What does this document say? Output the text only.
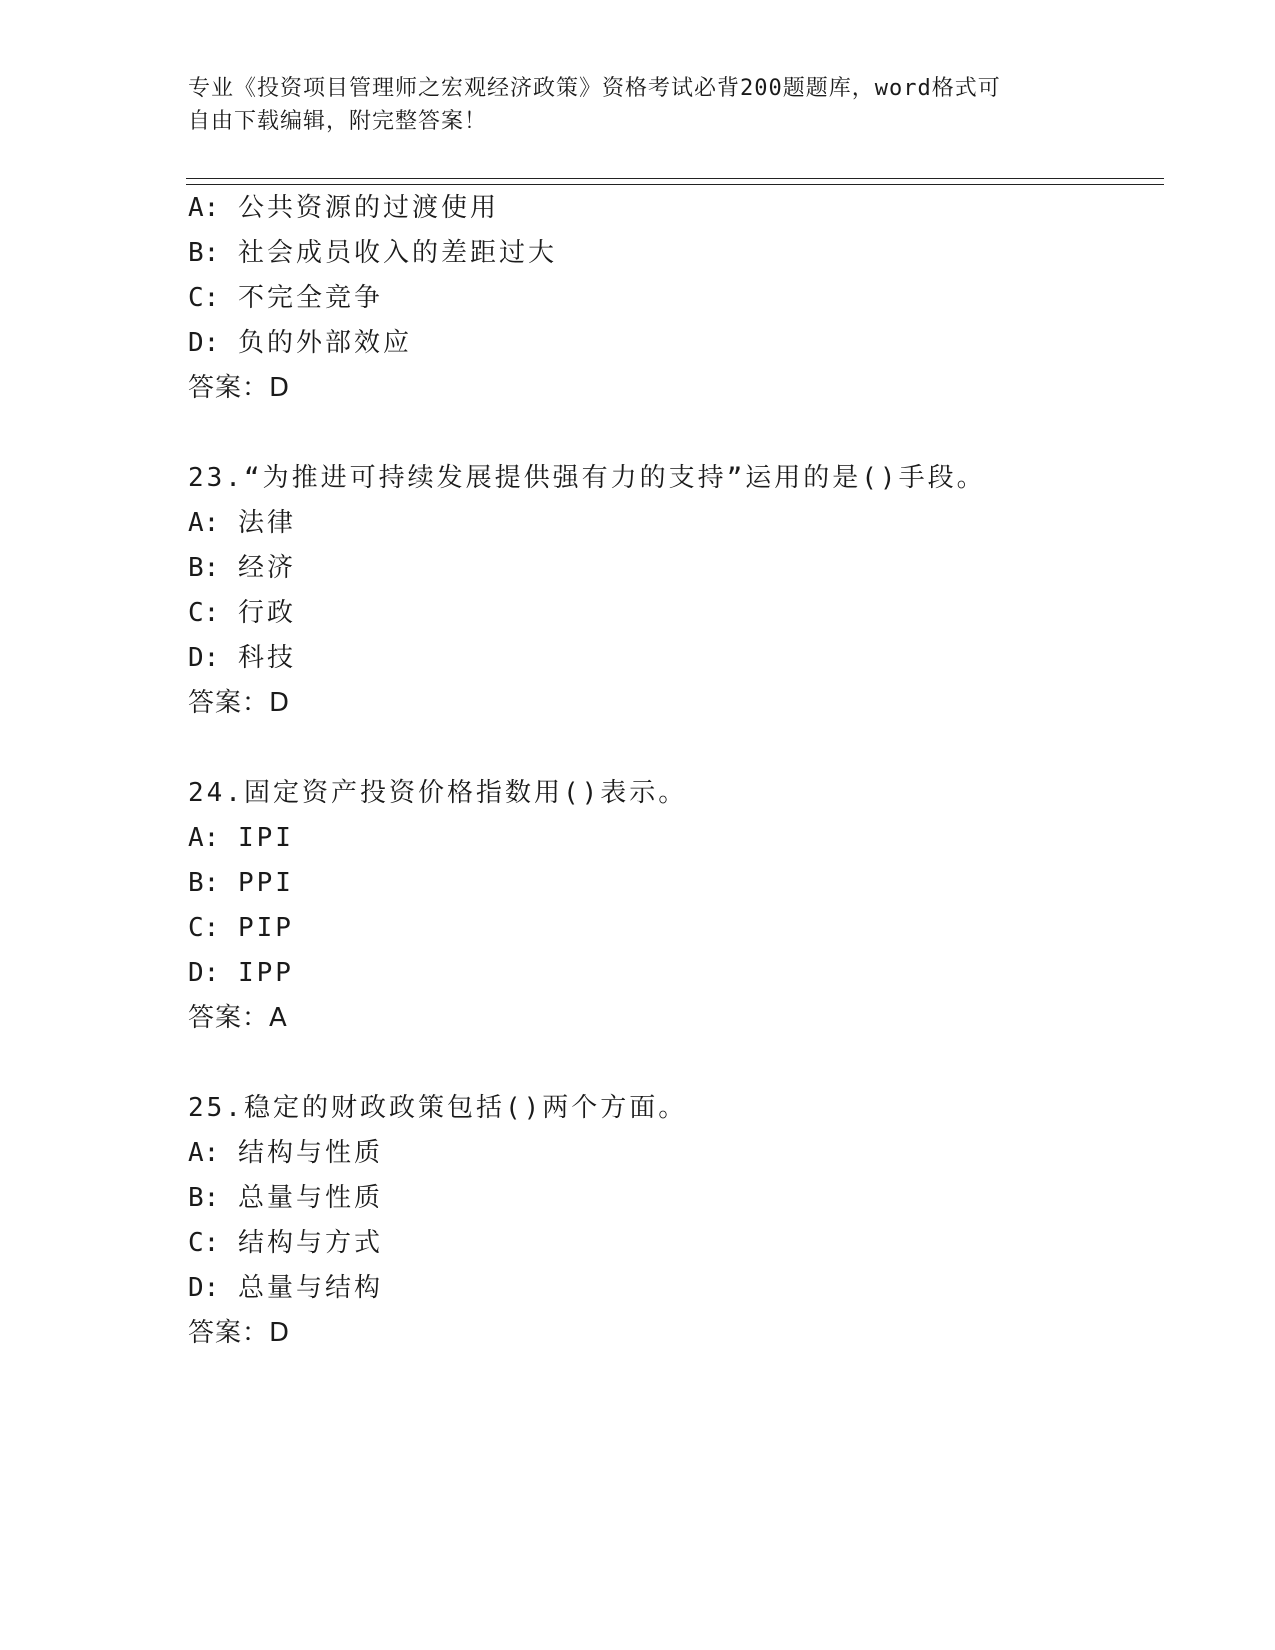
专业《投资项目管理师之宏观经济政策》资格考试必背200题题库，word格式可
自由下载编辑，附完整答案！
A: 公共资源的过渡使用
B: 社会成员收入的差距过大
C: 不完全竞争
D: 负的外部效应
答案：D
23.“为推进可持续发展提供强有力的支持”运用的是()手段。
A: 法律
B: 经济
C: 行政
D: 科技
答案：D
24.固定资产投资价格指数用()表示。
A: IPI
B: PPI
C: PIP
D: IPP
答案：A
25.稳定的财政政策包括()两个方面。
A: 结构与性质
B: 总量与性质
C: 结构与方式
D: 总量与结构
答案：D
